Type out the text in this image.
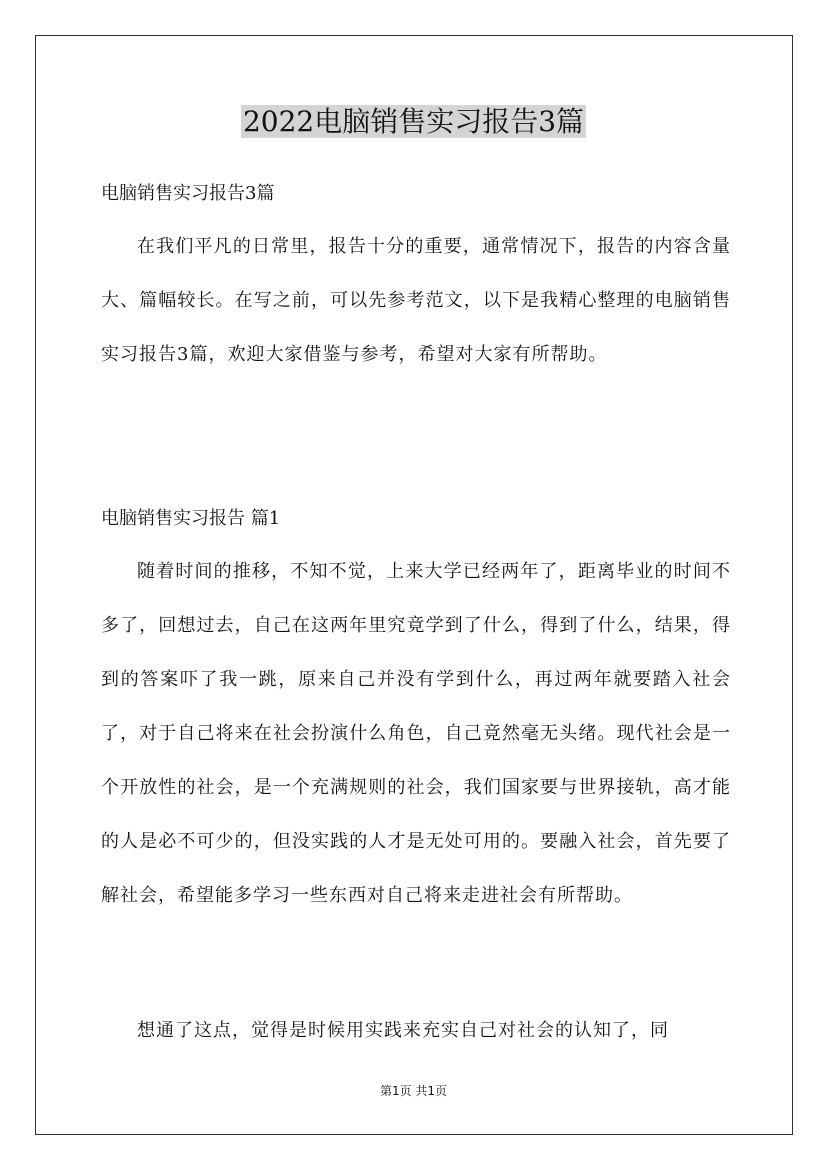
2022电脑销售实习报告3篇
电脑销售实习报告3篇

在我们平凡的日常里，报告十分的重要，通常情况下，报告的内容含量大、篇幅较长。在写之前，可以先参考范文，以下是我精心整理的电脑销售实习报告3篇，欢迎大家借鉴与参考，希望对大家有所帮助。

电脑销售实习报告 篇1

随着时间的推移，不知不觉，上来大学已经两年了，距离毕业的时间不多了，回想过去，自己在这两年里究竟学到了什么，得到了什么，结果，得到的答案吓了我一跳，原来自己并没有学到什么，再过两年就要踏入社会了，对于自己将来在社会扮演什么角色，自己竟然毫无头绪。现代社会是一个开放性的社会，是一个充满规则的社会，我们国家要与世界接轨，高才能的人是必不可少的，但没实践的人才是无处可用的。要融入社会，首先要了解社会，希望能多学习一些东西对自己将来走进社会有所帮助。

想通了这点，觉得是时候用实践来充实自己对社会的认知了，同

第1页 共1页
